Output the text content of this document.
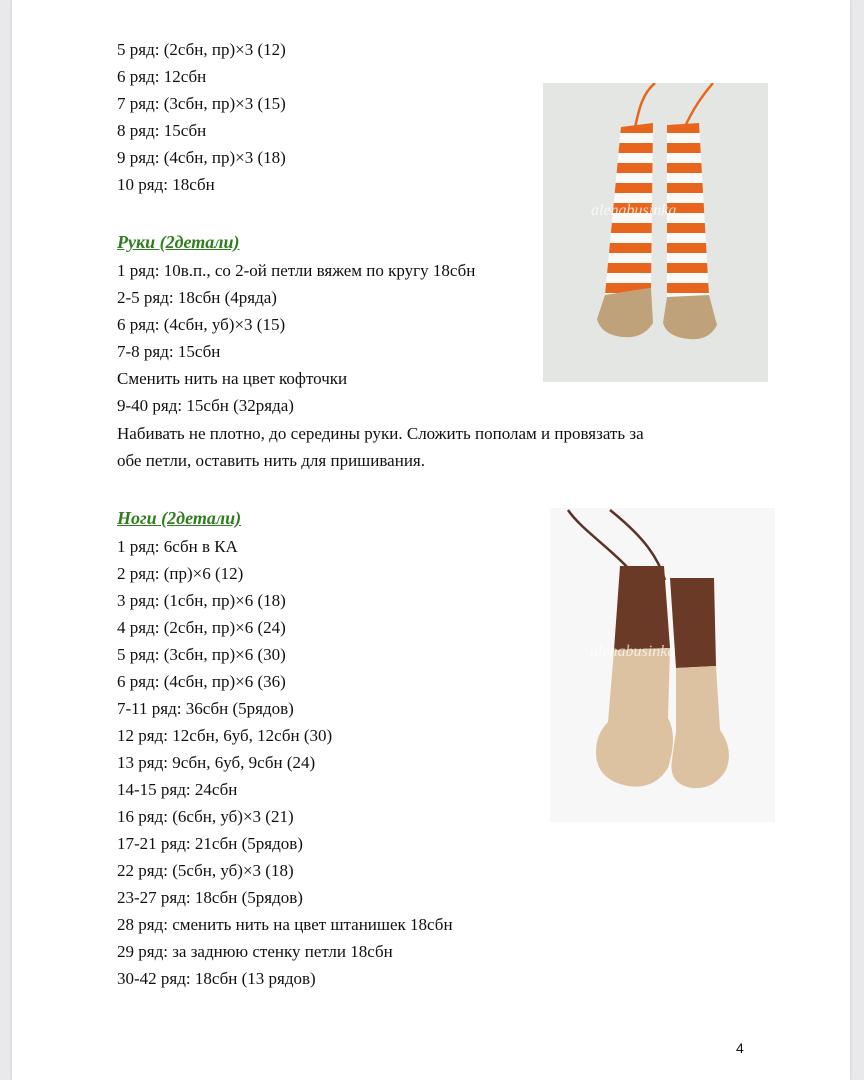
5 ряд: (2сбн, пр)×3 (12)
6 ряд: 12сбн
7 ряд: (3сбн, пр)×3 (15)
8 ряд: 15сбн
9 ряд: (4сбн, пр)×3 (18)
10 ряд: 18сбн
Руки (2детали)
1 ряд: 10в.п., со 2-ой петли вяжем по кругу 18сбн
2-5 ряд: 18сбн (4ряда)
6 ряд: (4сбн, уб)×3 (15)
7-8 ряд: 15сбн
Сменить нить на цвет кофточки
9-40 ряд: 15сбн (32ряда)
Набивать не плотно, до середины руки. Сложить пополам и провязать за
обе петли, оставить нить для пришивания.
alenabusinka
Ноги (2детали)
1 ряд: 6сбн в КА
2 ряд: (пр)×6 (12)
3 ряд: (1сбн, пр)×6 (18)
4 ряд: (2сбн, пр)×6 (24)
5 ряд: (3сбн, пр)×6 (30)
6 ряд: (4сбн, пр)×6 (36)
7-11 ряд: 36сбн (5рядов)
12 ряд: 12сбн, 6уб, 12сбн (30)
13 ряд: 9сбн, 6уб, 9сбн (24)
14-15 ряд: 24сбн
16 ряд: (6сбн, уб)×3 (21)
17-21 ряд: 21сбн (5рядов)
22 ряд: (5сбн, уб)×3 (18)
23-27 ряд: 18сбн (5рядов)
28 ряд: сменить нить на цвет штанишек 18сбн
29 ряд: за заднюю стенку петли 18сбн
30-42 ряд: 18сбн (13 рядов)
alenabusinka
4
